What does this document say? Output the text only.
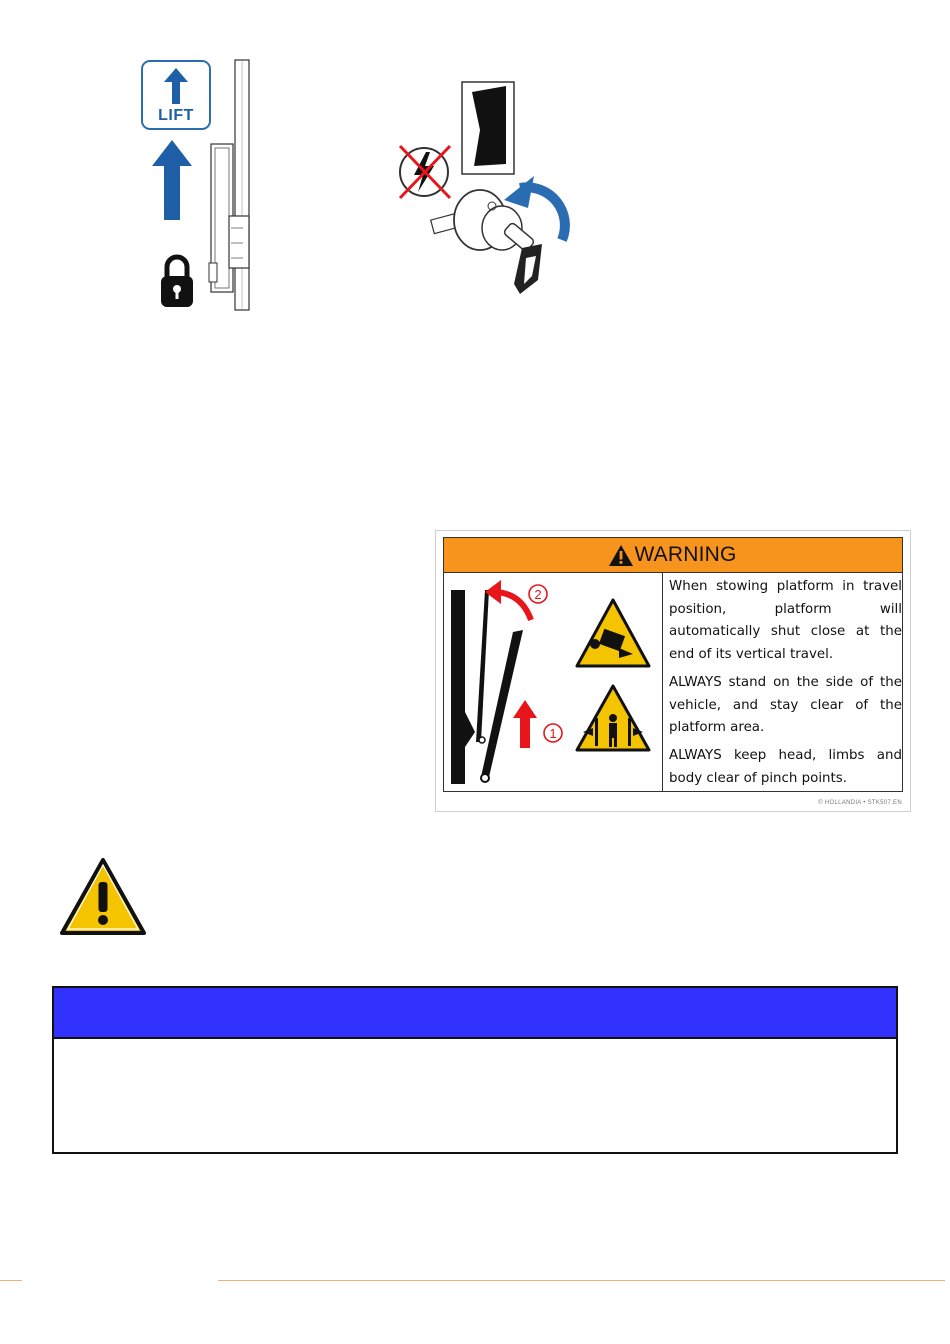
LIFT
WARNING

When stowing platform in travel position, platform will automatically shut close at the end of its vertical travel.

ALWAYS stand on the side of the vehicle, and stay clear of the platform area.

ALWAYS keep head, limbs and body clear of pinch points.

2
1
© HOLLANDIA • STK507.EN
